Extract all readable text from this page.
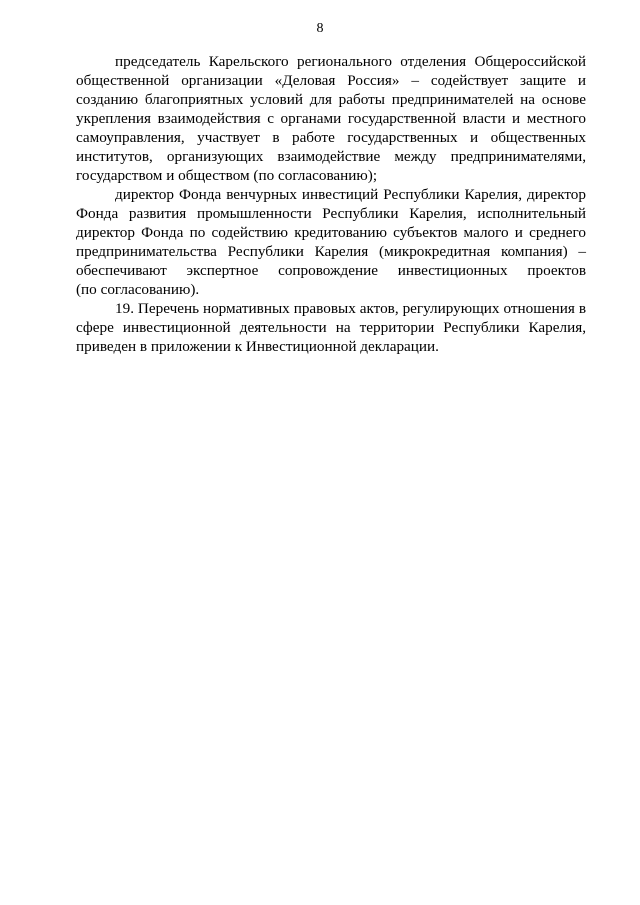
8

председатель Карельского регионального отделения Общероссийской
общественной организации «Деловая Россия» – содействует защите и
созданию благоприятных условий для работы предпринимателей на основе
укрепления взаимодействия с органами государственной власти и местного
самоуправления, участвует в работе государственных и общественных
институтов, организующих взаимодействие между предпринимателями,
государством и обществом (по согласованию);

директор Фонда венчурных инвестиций Республики Карелия, директор
Фонда развития промышленности Республики Карелия, исполнительный
директор Фонда по содействию кредитованию субъектов малого и среднего
предпринимательства Республики Карелия (микрокредитная компания) –
обеспечивают экспертное сопровождение инвестиционных проектов
(по согласованию).

19. Перечень нормативных правовых актов, регулирующих отношения в
сфере инвестиционной деятельности на территории Республики Карелия,
приведен в приложении к Инвестиционной декларации.
